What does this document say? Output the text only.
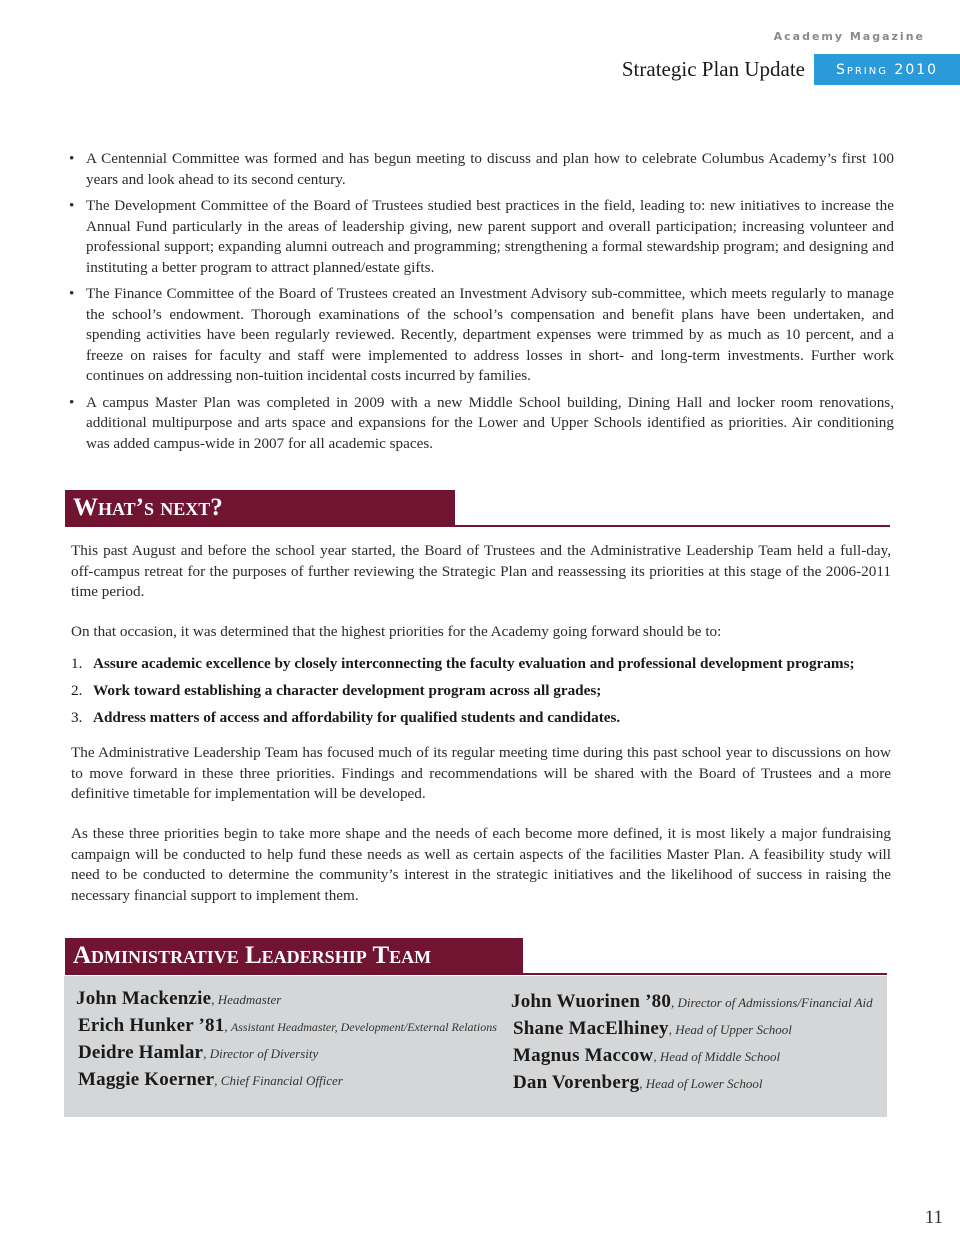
Academy Magazine
Strategic Plan Update	Spring 2010
• A Centennial Committee was formed and has begun meeting to discuss and plan how to celebrate Columbus Academy’s first 100 years and look ahead to its second century.
• The Development Committee of the Board of Trustees studied best practices in the field, leading to: new initiatives to increase the Annual Fund particularly in the areas of leadership giving, new parent support and overall participation; increasing volunteer and professional support; expanding alumni outreach and programming; strengthening a formal stewardship program; and designing and instituting a better program to attract planned/estate gifts.
• The Finance Committee of the Board of Trustees created an Investment Advisory sub-committee, which meets regularly to manage the school’s endowment. Thorough examinations of the school’s compensation and benefit plans have been undertaken, and spending activities have been regularly reviewed. Recently, department expenses were trimmed by as much as 10 percent, and a freeze on raises for faculty and staff were implemented to address losses in short- and long-term investments. Further work continues on addressing non-tuition incidental costs incurred by families.
• A campus Master Plan was completed in 2009 with a new Middle School building, Dining Hall and locker room renovations, additional multipurpose and arts space and expansions for the Lower and Upper Schools identified as priorities. Air conditioning was added campus-wide in 2007 for all academic spaces.
What’s next?

This past August and before the school year started, the Board of Trustees and the Administrative Leadership Team held a full-day, off-campus retreat for the purposes of further reviewing the Strategic Plan and reassessing its priorities at this stage of the 2006-2011 time period.

On that occasion, it was determined that the highest priorities for the Academy going forward should be to:

1. Assure academic excellence by closely interconnecting the faculty evaluation and professional development programs;
2. Work toward establishing a character development program across all grades;
3. Address matters of access and affordability for qualified students and candidates.

The Administrative Leadership Team has focused much of its regular meeting time during this past school year to discussions on how to move forward in these three priorities. Findings and recommendations will be shared with the Board of Trustees and a more definitive timetable for implementation will be developed.

As these three priorities begin to take more shape and the needs of each become more defined, it is most likely a major fundraising campaign will be conducted to help fund these needs as well as certain aspects of the facilities Master Plan. A feasibility study will need to be conducted to determine the community’s interest in the strategic initiatives and the likelihood of success in raising the necessary financial support to implement them.

Administrative Leadership Team
John Mackenzie , Headmaster
Erich Hunker ’81 , Assistant Headmaster, Development/External Relations
Deidre Hamlar , Director of Diversity
Maggie Koerner , Chief Financial Officer
John Wuorinen ’80 , Director of Admissions/Financial Aid
Shane MacElhiney , Head of Upper School
Magnus Maccow , Head of Middle School
Dan Vorenberg , Head of Lower School
11
